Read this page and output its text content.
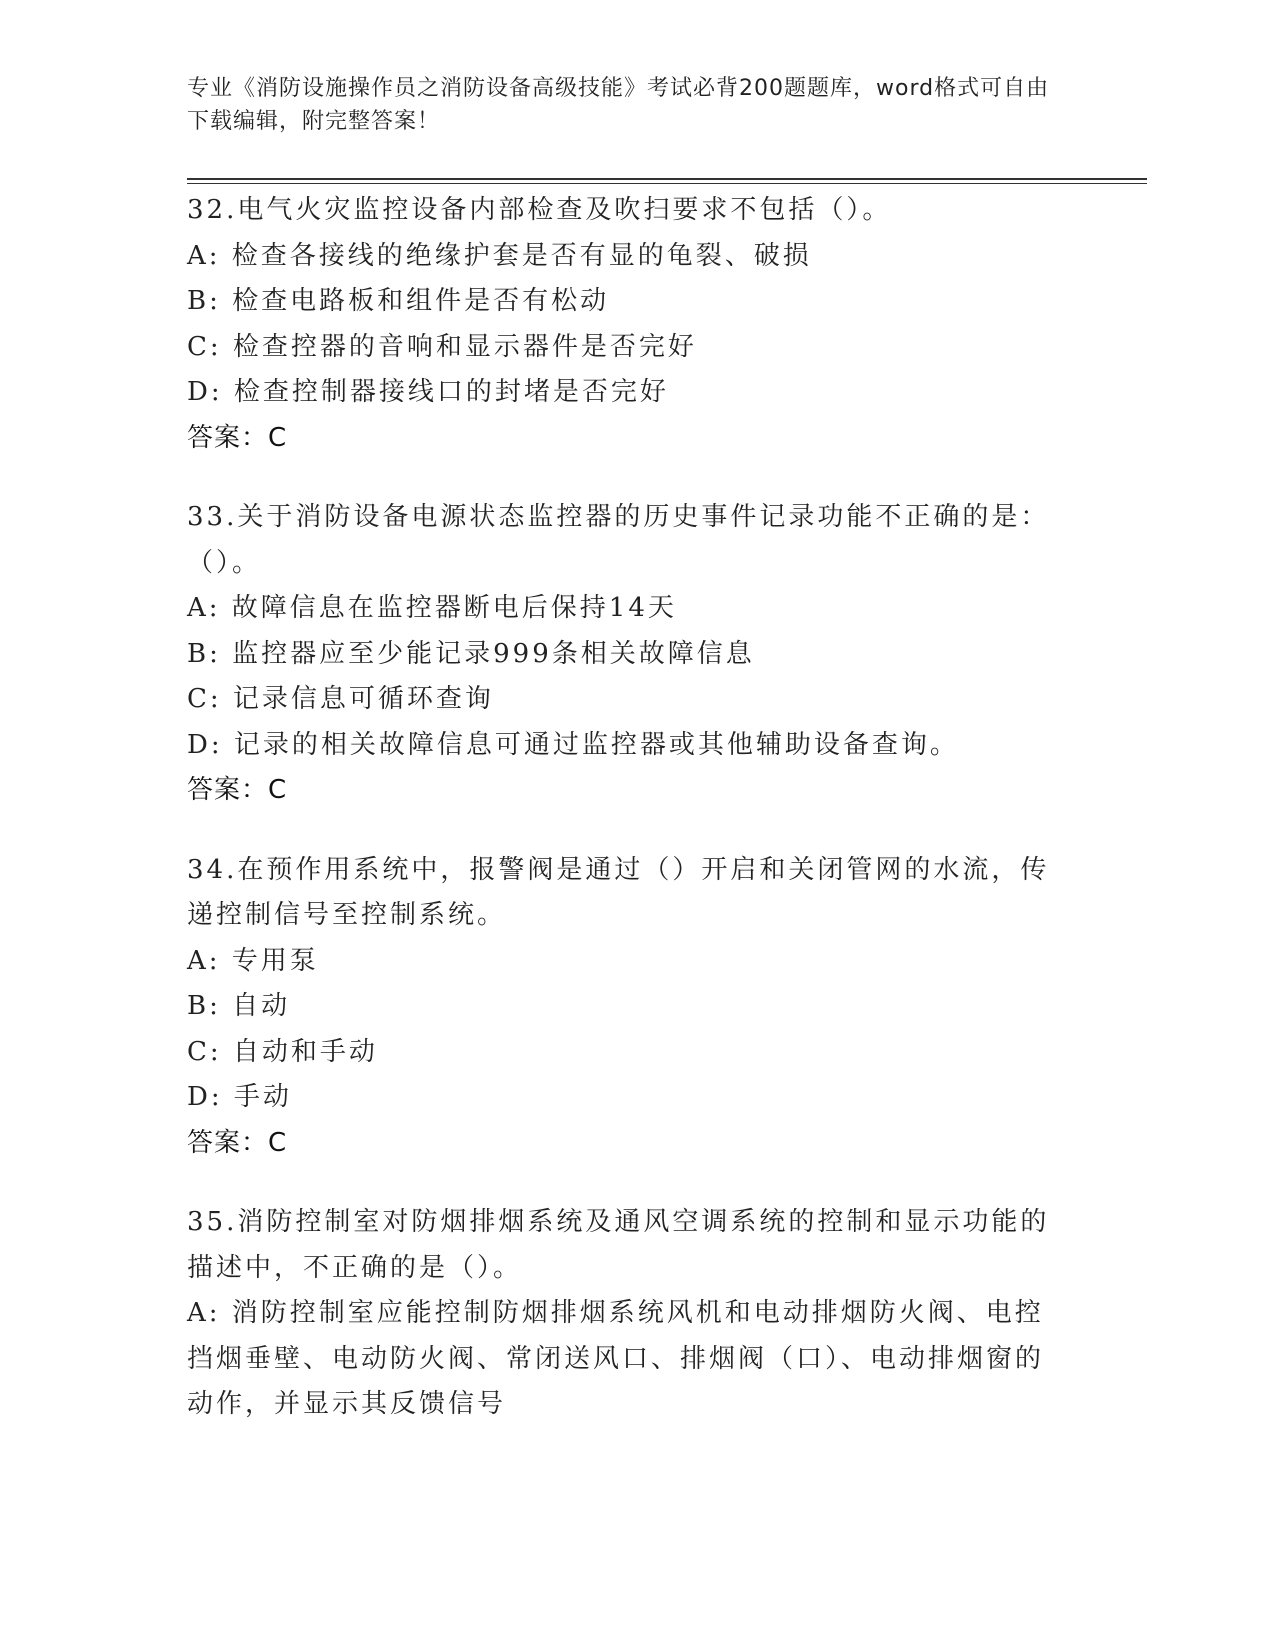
专业《消防设施操作员之消防设备高级技能》考试必背200题题库，word格式可自由下载编辑，附完整答案！
32.电气火灾监控设备内部检查及吹扫要求不包括（）。
A: 检查各接线的绝缘护套是否有显的龟裂、破损
B: 检查电路板和组件是否有松动
C: 检查控器的音响和显示器件是否完好
D: 检查控制器接线口的封堵是否完好
答案：C
33.关于消防设备电源状态监控器的历史事件记录功能不正确的是：（）。
A: 故障信息在监控器断电后保持14天
B: 监控器应至少能记录999条相关故障信息
C: 记录信息可循环查询
D: 记录的相关故障信息可通过监控器或其他辅助设备查询。
答案：C
34.在预作用系统中，报警阀是通过（）开启和关闭管网的水流，传递控制信号至控制系统。
A: 专用泵
B: 自动
C: 自动和手动
D: 手动
答案：C
35.消防控制室对防烟排烟系统及通风空调系统的控制和显示功能的描述中，不正确的是（）。
A: 消防控制室应能控制防烟排烟系统风机和电动排烟防火阀、电控挡烟垂壁、电动防火阀、常闭送风口、排烟阀（口）、电动排烟窗的动作，并显示其反馈信号
